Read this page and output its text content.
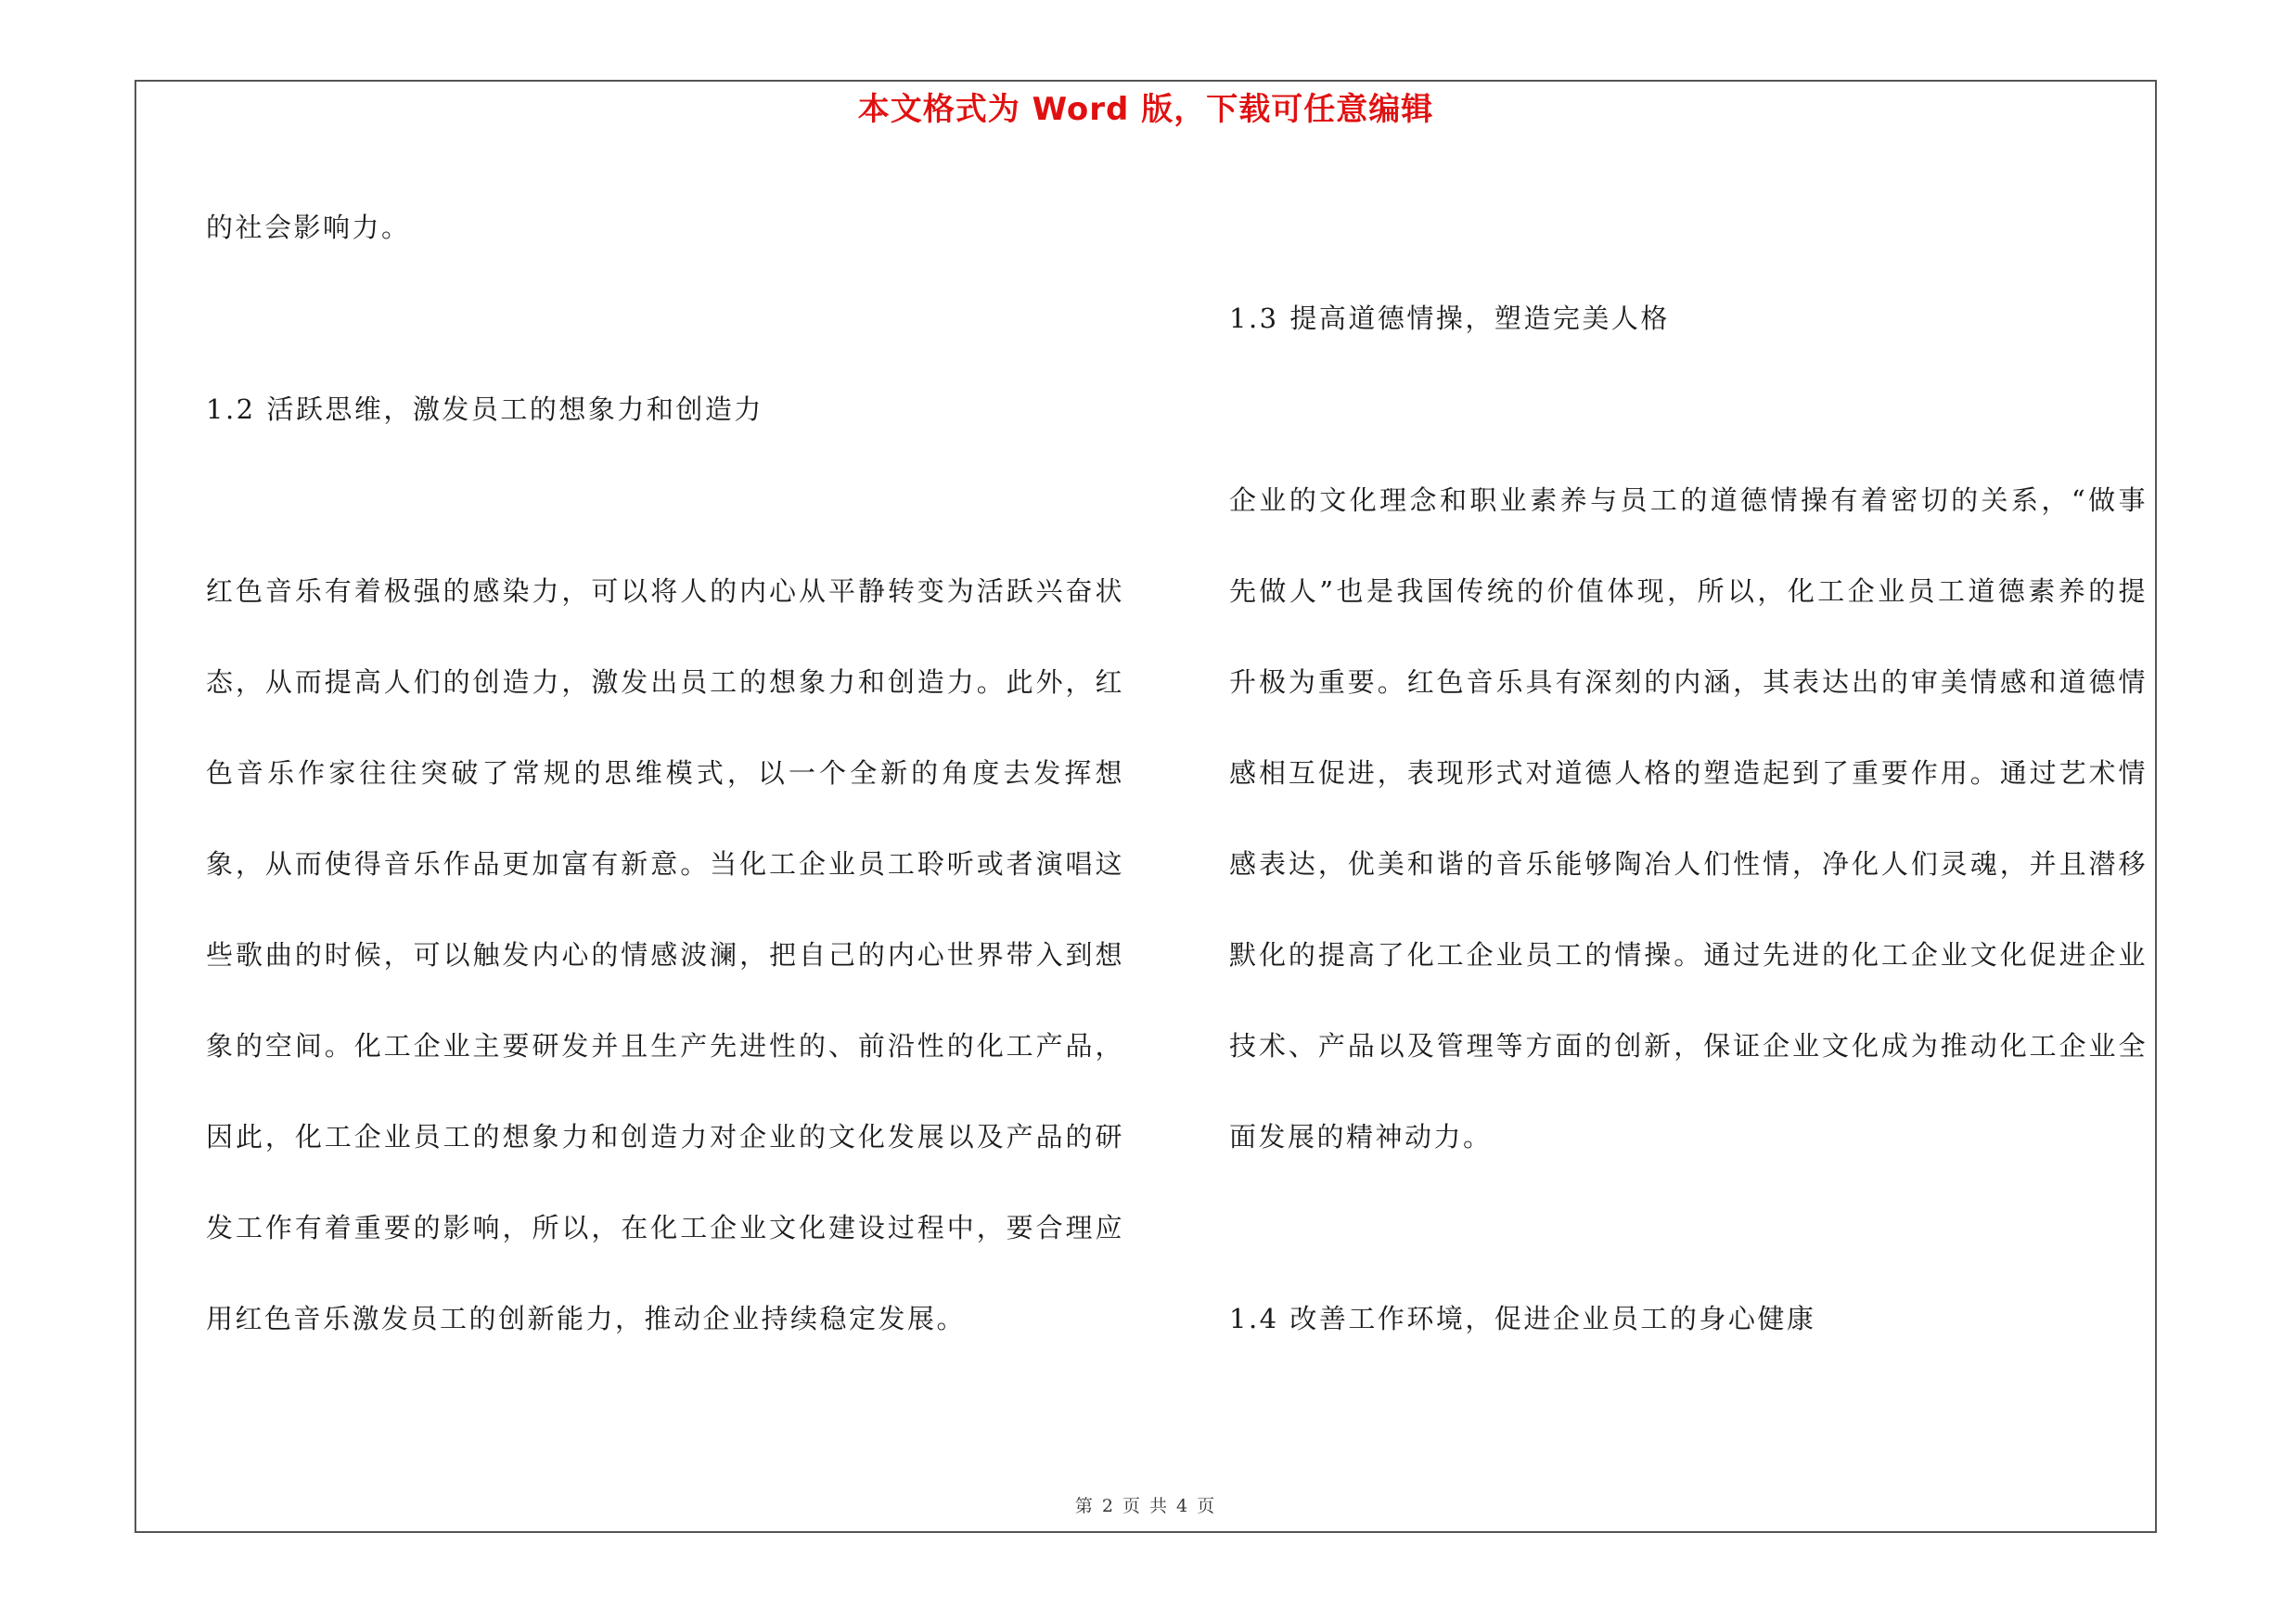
本文格式为 Word 版，下载可任意编辑

的社会影响力。

1.2 活跃思维，激发员工的想象力和创造力

红色音乐有着极强的感染力，可以将人的内心从平静转变为活跃兴奋状态，从而提高人们的创造力，激发出员工的想象力和创造力。此外，红色音乐作家往往突破了常规的思维模式，以一个全新的角度去发挥想象，从而使得音乐作品更加富有新意。当化工企业员工聆听或者演唱这些歌曲的时候，可以触发内心的情感波澜，把自己的内心世界带入到想象的空间。化工企业主要研发并且生产先进性的、前沿性的化工产品，因此，化工企业员工的想象力和创造力对企业的文化发展以及产品的研发工作有着重要的影响，所以，在化工企业文化建设过程中，要合理应用红色音乐激发员工的创新能力，推动企业持续稳定发展。

1.3 提高道德情操，塑造完美人格

企业的文化理念和职业素养与员工的道德情操有着密切的关系，“做事先做人”也是我国传统的价值体现，所以，化工企业员工道德素养的提升极为重要。红色音乐具有深刻的内涵，其表达出的审美情感和道德情感相互促进，表现形式对道德人格的塑造起到了重要作用。通过艺术情感表达，优美和谐的音乐能够陶冶人们性情，净化人们灵魂，并且潜移默化的提高了化工企业员工的情操。通过先进的化工企业文化促进企业技术、产品以及管理等方面的创新，保证企业文化成为推动化工企业全面发展的精神动力。

1.4 改善工作环境，促进企业员工的身心健康

第 2 页 共 4 页
